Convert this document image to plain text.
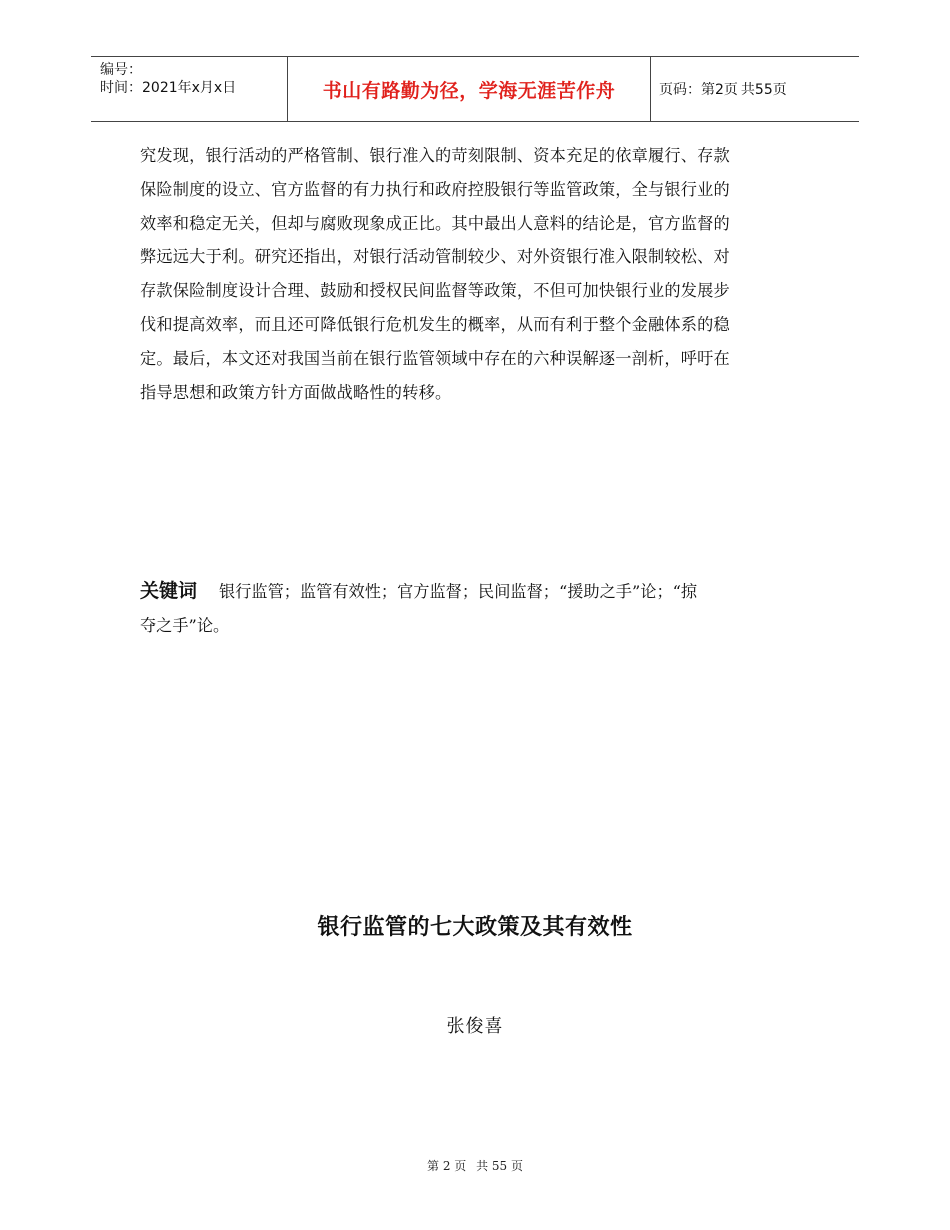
编号：
时间：2021年x月x日	书山有路勤为径，学海无涯苦作舟	页码：第2页 共55页
究发现，银行活动的严格管制、银行准入的苛刻限制、资本充足的依章履行、存款
保险制度的设立、官方监督的有力执行和政府控股银行等监管政策，全与银行业的
效率和稳定无关，但却与腐败现象成正比。其中最出人意料的结论是，官方监督的
弊远远大于利。研究还指出，对银行活动管制较少、对外资银行准入限制较松、对
存款保险制度设计合理、鼓励和授权民间监督等政策，不但可加快银行业的发展步
伐和提高效率，而且还可降低银行危机发生的概率，从而有利于整个金融体系的稳
定。最后，本文还对我国当前在银行监管领域中存在的六种误解逐一剖析，呼吁在
指导思想和政策方针方面做战略性的转移。
关键词 银行监管；监管有效性；官方监督；民间监督；“援助之手”论；“掠
夺之手”论。
银行监管的七大政策及其有效性
张俊喜
第 2 页 共 55 页
